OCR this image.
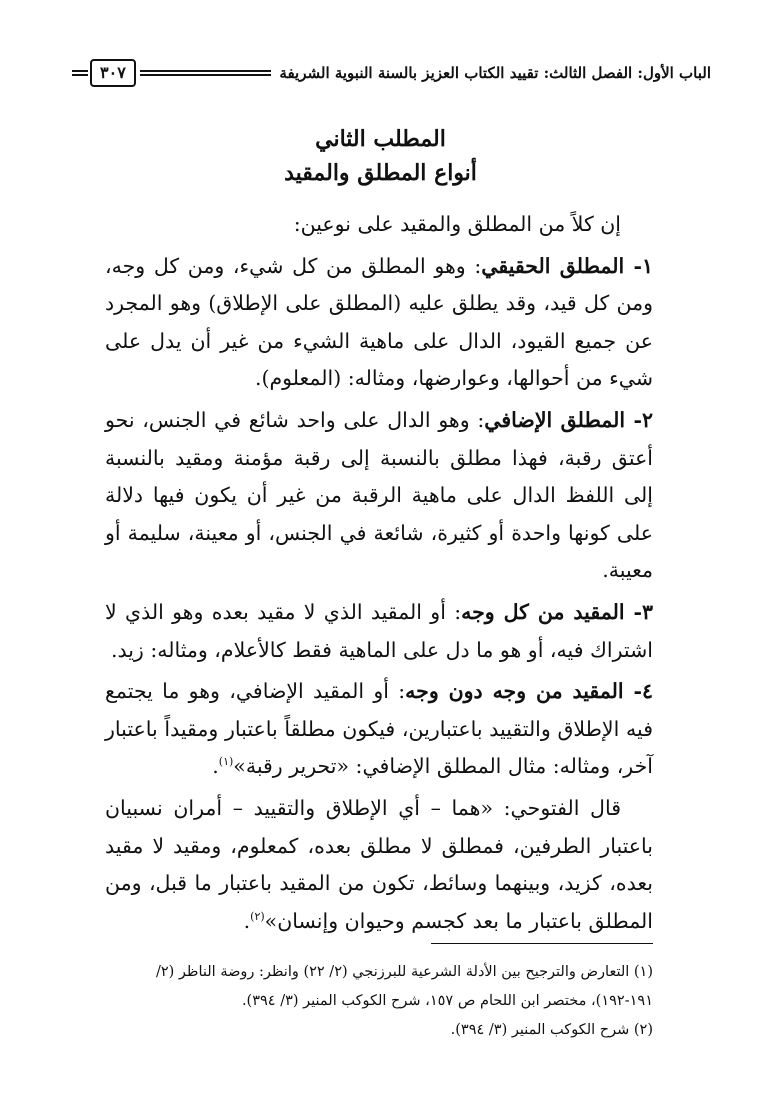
الباب الأول: الفصل الثالث: تقييد الكتاب العزيز بالسنة النبوية الشريفة
٣٠٧
المطلب الثاني
أنواع المطلق والمقيد

إن كلاً من المطلق والمقيد على نوعين:

١- المطلق الحقيقي: وهو المطلق من كل شيء، ومن كل وجه، ومن كل قيد، وقد يطلق عليه (المطلق على الإطلاق) وهو المجرد عن جميع القيود، الدال على ماهية الشيء من غير أن يدل على شيء من أحوالها، وعوارضها، ومثاله: (المعلوم).

٢- المطلق الإضافي: وهو الدال على واحد شائع في الجنس، نحو أعتق رقبة، فهذا مطلق بالنسبة إلى رقبة مؤمنة ومقيد بالنسبة إلى اللفظ الدال على ماهية الرقبة من غير أن يكون فيها دلالة على كونها واحدة أو كثيرة، شائعة في الجنس، أو معينة، سليمة أو معيبة.

٣- المقيد من كل وجه: أو المقيد الذي لا مقيد بعده وهو الذي لا اشتراك فيه، أو هو ما دل على الماهية فقط كالأعلام، ومثاله: زيد.

٤- المقيد من وجه دون وجه: أو المقيد الإضافي، وهو ما يجتمع فيه الإطلاق والتقييد باعتبارين، فيكون مطلقاً باعتبار ومقيداً باعتبار آخر، ومثاله: مثال المطلق الإضافي: «تحرير رقبة»$^{(١)}$.

قال الفتوحي: «هما – أي الإطلاق والتقييد – أمران نسبيان باعتبار الطرفين، فمطلق لا مطلق بعده، كمعلوم، ومقيد لا مقيد بعده، كزيد، وبينهما وسائط، تكون من المقيد باعتبار ما قبل، ومن المطلق باعتبار ما بعد كجسم وحيوان وإنسان»$^{(٢)}$.

(١) التعارض والترجيح بين الأدلة الشرعية للبرزنجي (٢/ ٢٢) وانظر: روضة الناظر (٢/ ١٩١-١٩٢)، مختصر ابن اللحام ص ١٥٧، شرح الكوكب المنير (٣/ ٣٩٤).

(٢) شرح الكوكب المنير (٣/ ٣٩٤).
